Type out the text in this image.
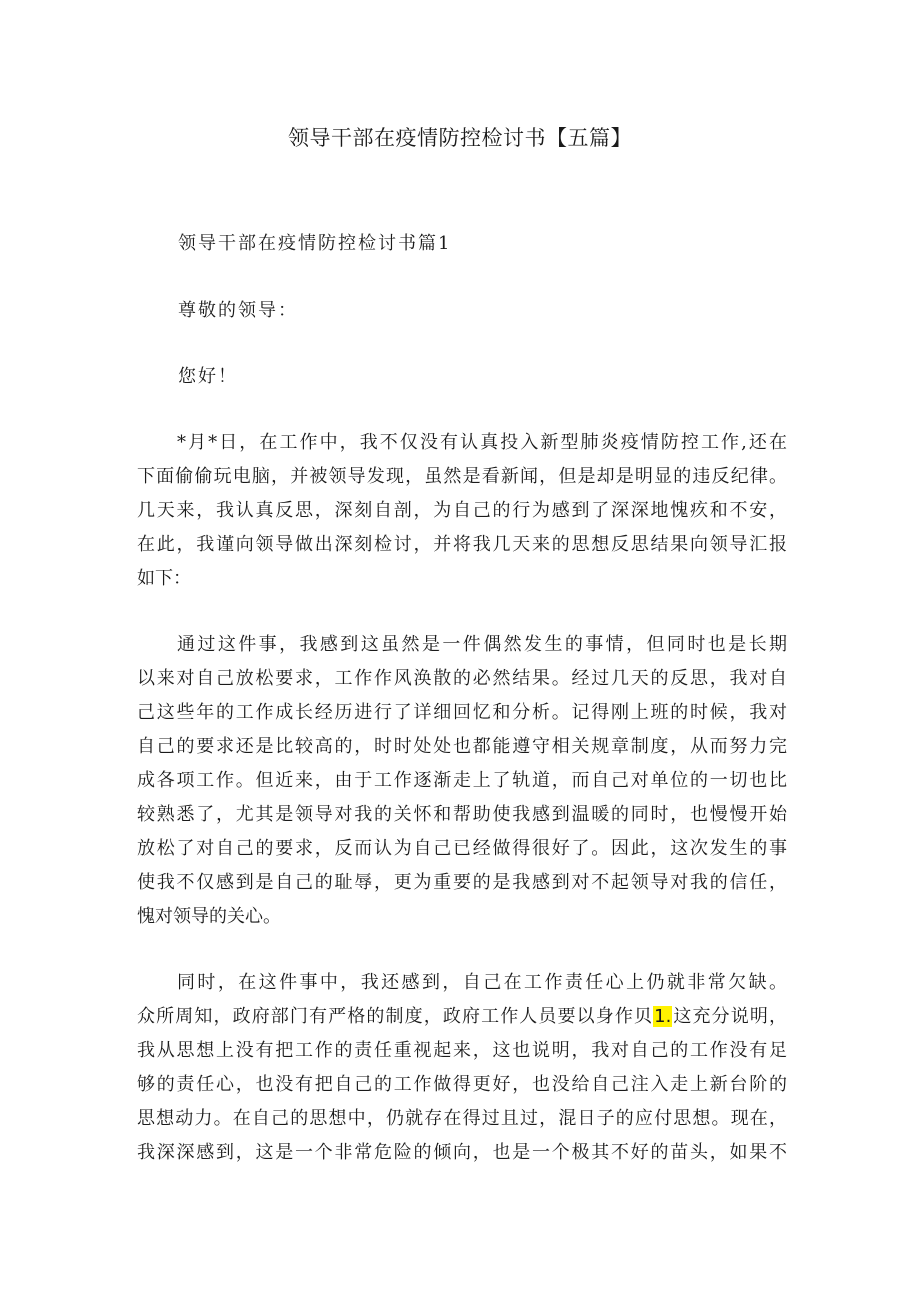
领导干部在疫情防控检讨书【五篇】
领导干部在疫情防控检讨书篇1
尊敬的领导：
您好！
*月*日，在工作中，我不仅没有认真投入新型肺炎疫情防控工作,还在
下面偷偷玩电脑，并被领导发现，虽然是看新闻，但是却是明显的违反纪律。
几天来，我认真反思，深刻自剖，为自己的行为感到了深深地愧疚和不安，
在此，我谨向领导做出深刻检讨，并将我几天来的思想反思结果向领导汇报
如下：
通过这件事，我感到这虽然是一件偶然发生的事情，但同时也是长期
以来对自己放松要求，工作作风涣散的必然结果。经过几天的反思，我对自
己这些年的工作成长经历进行了详细回忆和分析。记得刚上班的时候，我对
自己的要求还是比较高的，时时处处也都能遵守相关规章制度，从而努力完
成各项工作。但近来，由于工作逐渐走上了轨道，而自己对单位的一切也比
较熟悉了，尤其是领导对我的关怀和帮助使我感到温暖的同时，也慢慢开始
放松了对自己的要求，反而认为自己已经做得很好了。因此，这次发生的事
使我不仅感到是自己的耻辱，更为重要的是我感到对不起领导对我的信任，
愧对领导的关心。
同时，在这件事中，我还感到，自己在工作责任心上仍就非常欠缺。
众所周知，政府部门有严格的制度，政府工作人员要以身作贝1.这充分说明，
我从思想上没有把工作的责任重视起来，这也说明，我对自己的工作没有足
够的责任心，也没有把自己的工作做得更好，也没给自己注入走上新台阶的
思想动力。在自己的思想中，仍就存在得过且过，混日子的应付思想。现在，
我深深感到，这是一个非常危险的倾向，也是一个极其不好的苗头，如果不
